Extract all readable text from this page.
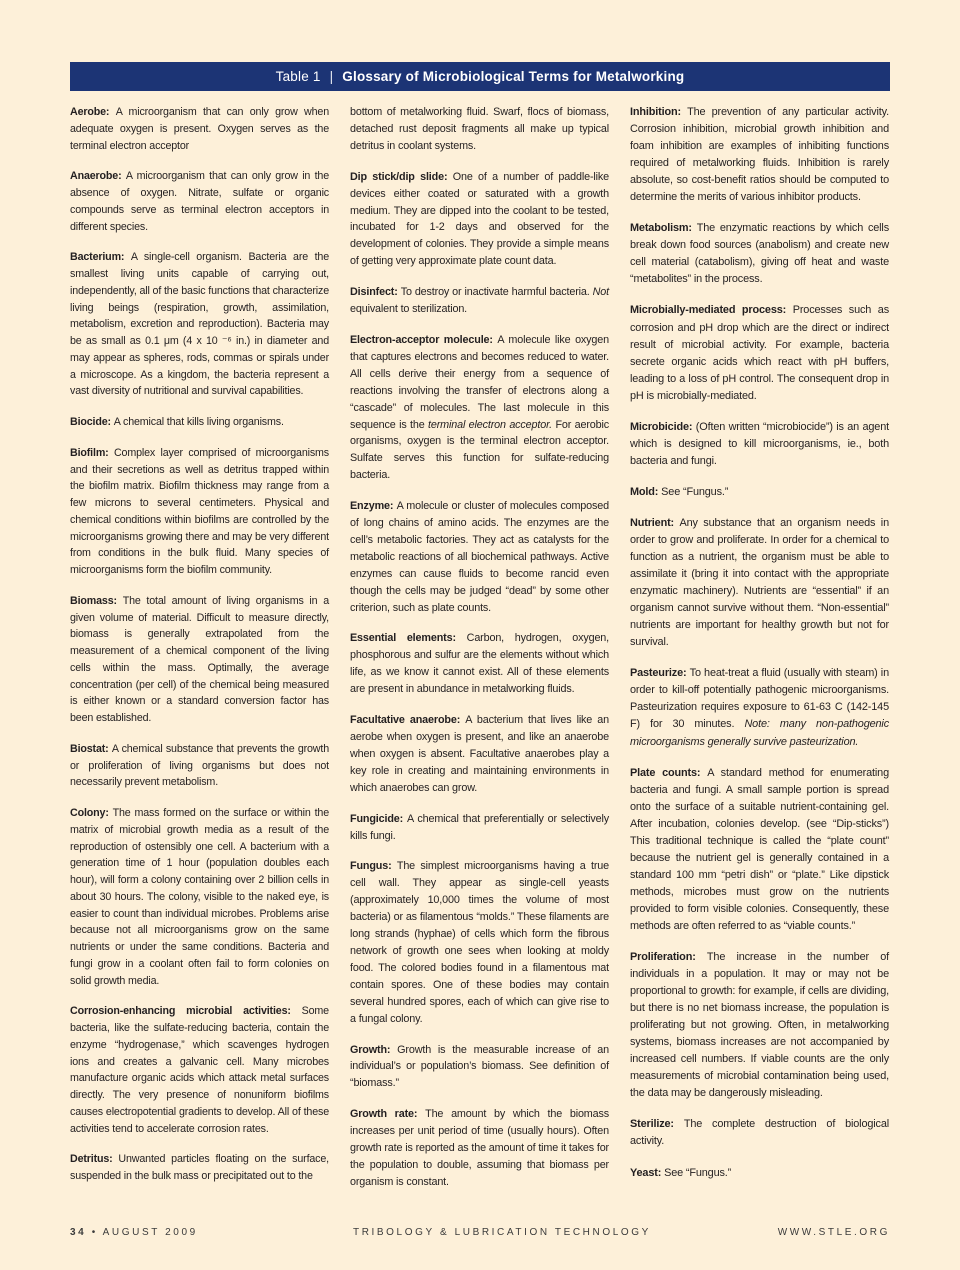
Table 1 | Glossary of Microbiological Terms for Metalworking

Aerobe: A microorganism that can only grow when adequate oxygen is present. Oxygen serves as the terminal electron acceptor

Anaerobe: A microorganism that can only grow in the absence of oxygen. Nitrate, sulfate or organic compounds serve as terminal electron acceptors in different species.

Bacterium: A single-cell organism. Bacteria are the smallest living units capable of carrying out, independently, all of the basic functions that characterize living beings (respiration, growth, assimilation, metabolism, excretion and reproduction). Bacteria may be as small as 0.1 μm (4 x 10 ⁻⁶ in.) in diameter and may appear as spheres, rods, commas or spirals under a microscope. As a kingdom, the bacteria represent a vast diversity of nutritional and survival capabilities.

Biocide: A chemical that kills living organisms.

Biofilm: Complex layer comprised of microorganisms and their secretions as well as detritus trapped within the biofilm matrix. Biofilm thickness may range from a few microns to several centimeters. Physical and chemical conditions within biofilms are controlled by the microorganisms growing there and may be very different from conditions in the bulk fluid. Many species of microorganisms form the biofilm community.

Biomass: The total amount of living organisms in a given volume of material. Difficult to measure directly, biomass is generally extrapolated from the measurement of a chemical component of the living cells within the mass. Optimally, the average concentration (per cell) of the chemical being measured is either known or a standard conversion factor has been established.

Biostat: A chemical substance that prevents the growth or proliferation of living organisms but does not necessarily prevent metabolism.

Colony: The mass formed on the surface or within the matrix of microbial growth media as a result of the reproduction of ostensibly one cell. A bacterium with a generation time of 1 hour (population doubles each hour), will form a colony containing over 2 billion cells in about 30 hours. The colony, visible to the naked eye, is easier to count than individual microbes. Problems arise because not all microorganisms grow on the same nutrients or under the same conditions. Bacteria and fungi grow in a coolant often fail to form colonies on solid growth media.

Corrosion-enhancing microbial activities: Some bacteria, like the sulfate-reducing bacteria, contain the enzyme “hydrogenase,” which scavenges hydrogen ions and creates a galvanic cell. Many microbes manufacture organic acids which attack metal surfaces directly. The very presence of nonuniform biofilms causes electropotential gradients to develop. All of these activities tend to accelerate corrosion rates.

Detritus: Unwanted particles floating on the surface, suspended in the bulk mass or precipitated out to the

bottom of metalworking fluid. Swarf, flocs of biomass, detached rust deposit fragments all make up typical detritus in coolant systems.

Dip stick/dip slide: One of a number of paddle-like devices either coated or saturated with a growth medium. They are dipped into the coolant to be tested, incubated for 1-2 days and observed for the development of colonies. They provide a simple means of getting very approximate plate count data.

Disinfect: To destroy or inactivate harmful bacteria. Not equivalent to sterilization.

Electron-acceptor molecule: A molecule like oxygen that captures electrons and becomes reduced to water. All cells derive their energy from a sequence of reactions involving the transfer of electrons along a “cascade” of molecules. The last molecule in this sequence is the terminal electron acceptor. For aerobic organisms, oxygen is the terminal electron acceptor. Sulfate serves this function for sulfate-reducing bacteria.

Enzyme: A molecule or cluster of molecules composed of long chains of amino acids. The enzymes are the cell’s metabolic factories. They act as catalysts for the metabolic reactions of all biochemical pathways. Active enzymes can cause fluids to become rancid even though the cells may be judged “dead” by some other criterion, such as plate counts.

Essential elements: Carbon, hydrogen, oxygen, phosphorous and sulfur are the elements without which life, as we know it cannot exist. All of these elements are present in abundance in metalworking fluids.

Facultative anaerobe: A bacterium that lives like an aerobe when oxygen is present, and like an anaerobe when oxygen is absent. Facultative anaerobes play a key role in creating and maintaining environments in which anaerobes can grow.

Fungicide: A chemical that preferentially or selectively kills fungi.

Fungus: The simplest microorganisms having a true cell wall. They appear as single-cell yeasts (approximately 10,000 times the volume of most bacteria) or as filamentous “molds.” These filaments are long strands (hyphae) of cells which form the fibrous network of growth one sees when looking at moldy food. The colored bodies found in a filamentous mat contain spores. One of these bodies may contain several hundred spores, each of which can give rise to a fungal colony.

Growth: Growth is the measurable increase of an individual’s or population’s biomass. See definition of “biomass.”

Growth rate: The amount by which the biomass increases per unit period of time (usually hours). Often growth rate is reported as the amount of time it takes for the population to double, assuming that biomass per organism is constant.

Inhibition: The prevention of any particular activity. Corrosion inhibition, microbial growth inhibition and foam inhibition are examples of inhibiting functions required of metalworking fluids. Inhibition is rarely absolute, so cost-benefit ratios should be computed to determine the merits of various inhibitor products.

Metabolism: The enzymatic reactions by which cells break down food sources (anabolism) and create new cell material (catabolism), giving off heat and waste “metabolites” in the process.

Microbially-mediated process: Processes such as corrosion and pH drop which are the direct or indirect result of microbial activity. For example, bacteria secrete organic acids which react with pH buffers, leading to a loss of pH control. The consequent drop in pH is microbially-mediated.

Microbicide: (Often written “microbiocide”) is an agent which is designed to kill microorganisms, ie., both bacteria and fungi.

Mold: See “Fungus.”

Nutrient: Any substance that an organism needs in order to grow and proliferate. In order for a chemical to function as a nutrient, the organism must be able to assimilate it (bring it into contact with the appropriate enzymatic machinery). Nutrients are “essential” if an organism cannot survive without them. “Non-essential” nutrients are important for healthy growth but not for survival.

Pasteurize: To heat-treat a fluid (usually with steam) in order to kill-off potentially pathogenic microorganisms. Pasteurization requires exposure to 61-63 C (142-145 F) for 30 minutes. Note: many non-pathogenic microorganisms generally survive pasteurization.

Plate counts: A standard method for enumerating bacteria and fungi. A small sample portion is spread onto the surface of a suitable nutrient-containing gel. After incubation, colonies develop. (see “Dip-sticks”) This traditional technique is called the “plate count” because the nutrient gel is generally contained in a standard 100 mm “petri dish” or “plate.” Like dipstick methods, microbes must grow on the nutrients provided to form visible colonies. Consequently, these methods are often referred to as “viable counts.”

Proliferation: The increase in the number of individuals in a population. It may or may not be proportional to growth: for example, if cells are dividing, but there is no net biomass increase, the population is proliferating but not growing. Often, in metalworking systems, biomass increases are not accompanied by increased cell numbers. If viable counts are the only measurements of microbial contamination being used, the data may be dangerously misleading.

Sterilize: The complete destruction of biological activity.

Yeast: See “Fungus.”

34 • AUGUST 2009	TRIBOLOGY & LUBRICATION TECHNOLOGY	WWW.STLE.ORG
